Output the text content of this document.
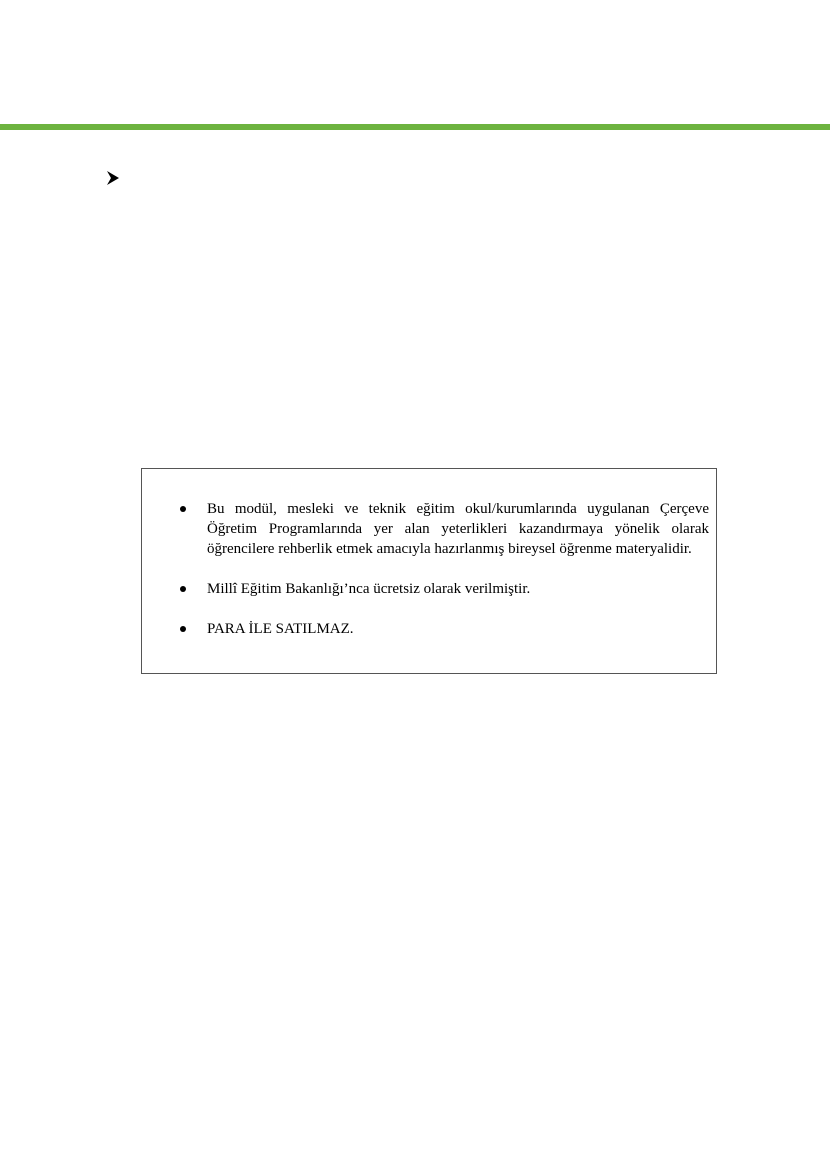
Bu modül, mesleki ve teknik eğitim okul/kurumlarında uygulanan Çerçeve Öğretim Programlarında yer alan yeterlikleri kazandırmaya yönelik olarak öğrencilere rehberlik etmek amacıyla hazırlanmış bireysel öğrenme materyalidir.
Millî Eğitim Bakanlığı’nca ücretsiz olarak verilmiştir.
PARA İLE SATILMAZ.
